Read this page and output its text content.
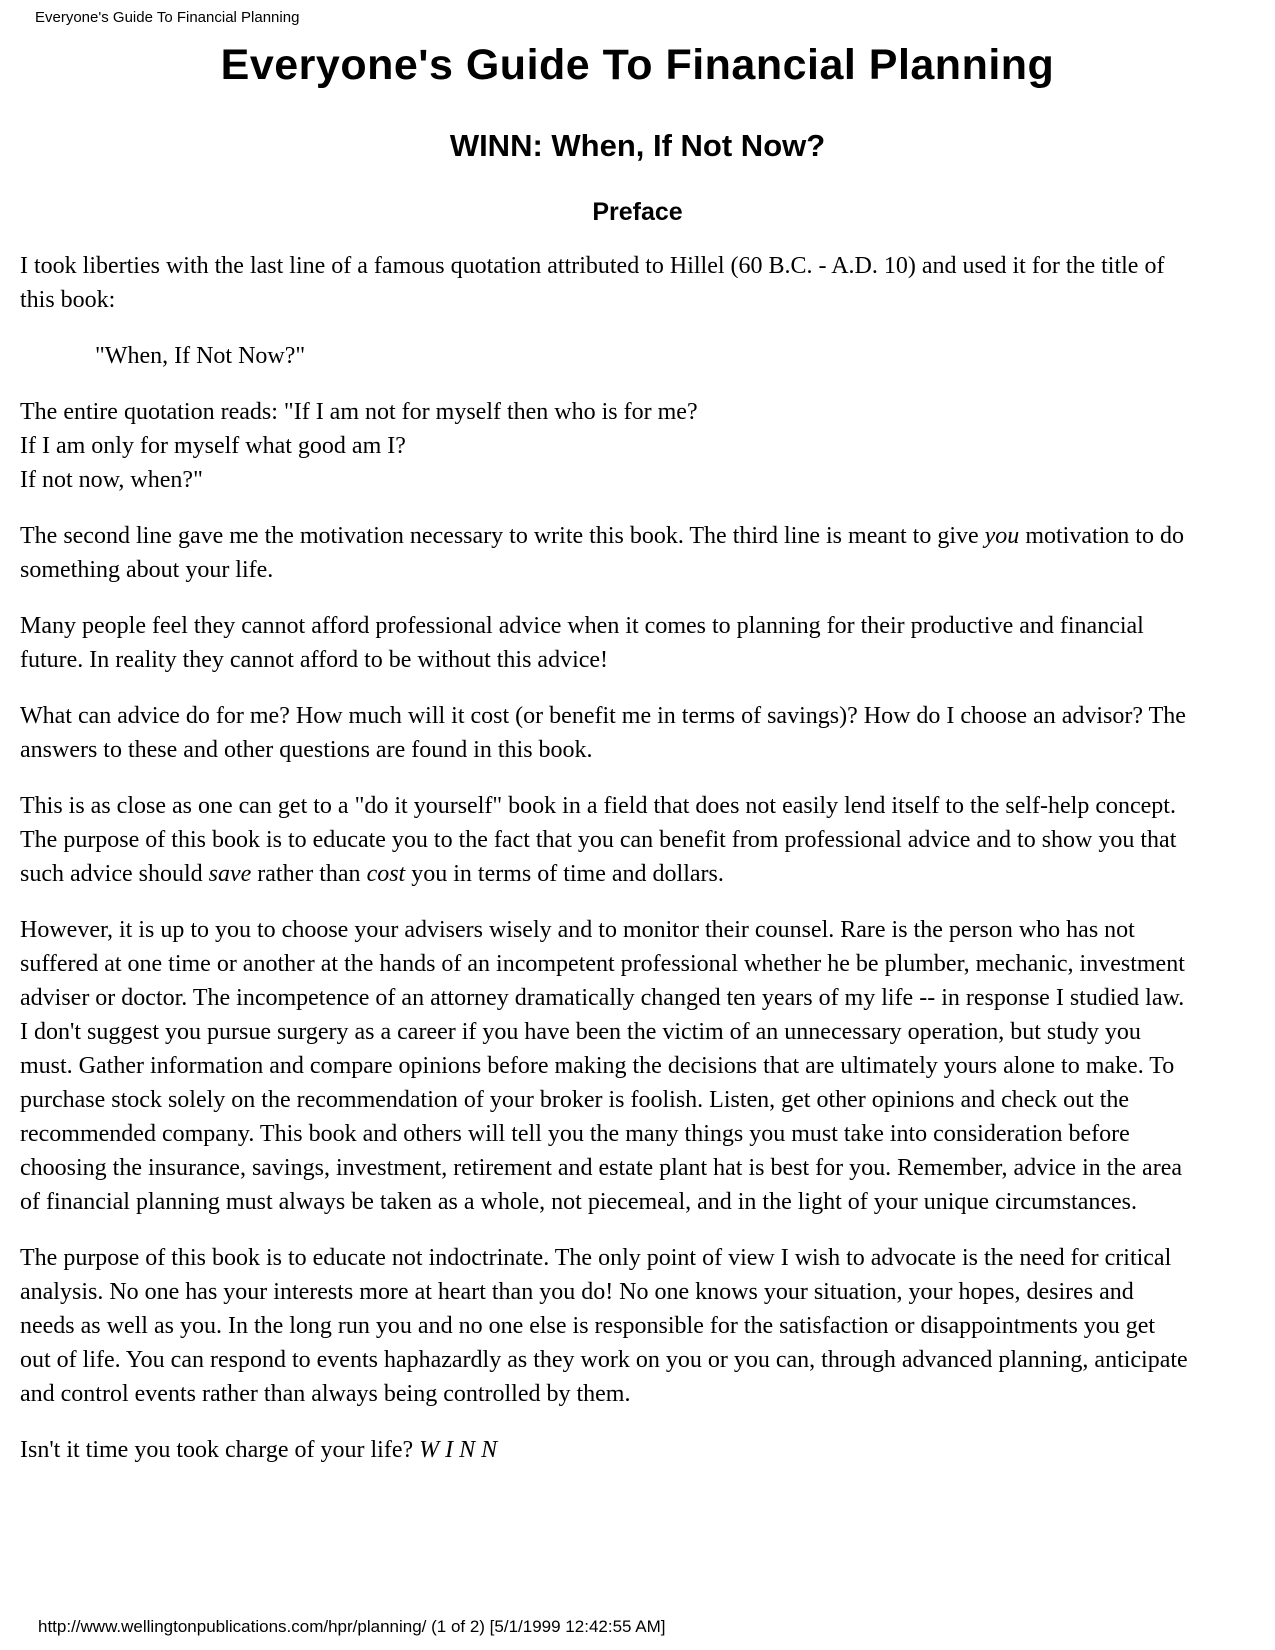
Everyone's Guide To Financial Planning
Everyone's Guide To Financial Planning
WINN: When, If Not Now?
Preface

I took liberties with the last line of a famous quotation attributed to Hillel (60 B.C. - A.D. 10) and used it for the title of this book:

"When, If Not Now?"

The entire quotation reads: "If I am not for myself then who is for me?
If I am only for myself what good am I?
If not now, when?"

The second line gave me the motivation necessary to write this book. The third line is meant to give you motivation to do something about your life.

Many people feel they cannot afford professional advice when it comes to planning for their productive and financial future. In reality they cannot afford to be without this advice!

What can advice do for me? How much will it cost (or benefit me in terms of savings)? How do I choose an advisor? The answers to these and other questions are found in this book.

This is as close as one can get to a "do it yourself" book in a field that does not easily lend itself to the self-help concept. The purpose of this book is to educate you to the fact that you can benefit from professional advice and to show you that such advice should save rather than cost you in terms of time and dollars.

However, it is up to you to choose your advisers wisely and to monitor their counsel. Rare is the person who has not suffered at one time or another at the hands of an incompetent professional whether he be plumber, mechanic, investment adviser or doctor. The incompetence of an attorney dramatically changed ten years of my life -- in response I studied law. I don't suggest you pursue surgery as a career if you have been the victim of an unnecessary operation, but study you must. Gather information and compare opinions before making the decisions that are ultimately yours alone to make. To purchase stock solely on the recommendation of your broker is foolish. Listen, get other opinions and check out the recommended company. This book and others will tell you the many things you must take into consideration before choosing the insurance, savings, investment, retirement and estate plant hat is best for you. Remember, advice in the area of financial planning must always be taken as a whole, not piecemeal, and in the light of your unique circumstances.

The purpose of this book is to educate not indoctrinate. The only point of view I wish to advocate is the need for critical analysis. No one has your interests more at heart than you do! No one knows your situation, your hopes, desires and needs as well as you. In the long run you and no one else is responsible for the satisfaction or disappointments you get out of life. You can respond to events haphazardly as they work on you or you can, through advanced planning, anticipate and control events rather than always being controlled by them.

Isn't it time you took charge of your life? W I N N

http://www.wellingtonpublications.com/hpr/planning/ (1 of 2) [5/1/1999 12:42:55 AM]
